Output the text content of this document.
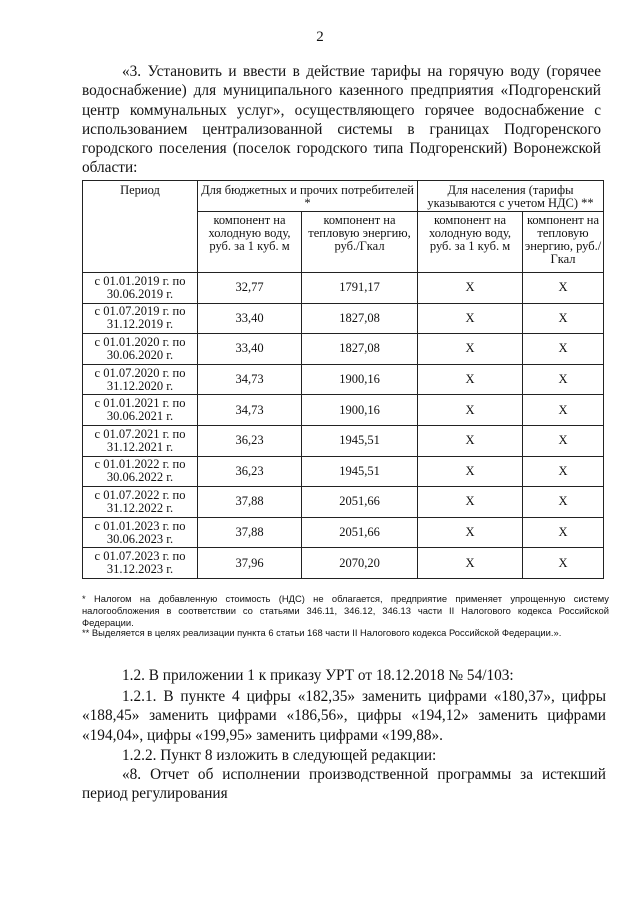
2
«3. Установить и ввести в действие тарифы на горячую воду (горячее водоснабжение) для муниципального казенного предприятия «Подгоренский центр коммунальных услуг», осуществляющего горячее водоснабжение с использованием централизованной системы в границах Подгоренского городского поселения (поселок городского типа Подгоренский) Воронежской области:
Период	Для бюджетных и прочих потребителей *		Для населения (тарифы указываются с учетом НДС) **	
	компонент на холодную воду, руб. за 1 куб. м	компонент на тепловую энергию, руб./Гкал	компонент на холодную воду, руб. за 1 куб. м	компонент на тепловую энергию, руб./Гкал
с 01.01.2019 г. по 30.06.2019 г.	32,77	1791,17	Х	Х
с 01.07.2019 г. по 31.12.2019 г.	33,40	1827,08	Х	Х
с 01.01.2020 г. по 30.06.2020 г.	33,40	1827,08	Х	Х
с 01.07.2020 г. по 31.12.2020 г.	34,73	1900,16	Х	Х
с 01.01.2021 г. по 30.06.2021 г.	34,73	1900,16	Х	Х
с 01.07.2021 г. по 31.12.2021 г.	36,23	1945,51	Х	Х
с 01.01.2022 г. по 30.06.2022 г.	36,23	1945,51	Х	Х
с 01.07.2022 г. по 31.12.2022 г.	37,88	2051,66	Х	Х
с 01.01.2023 г. по 30.06.2023 г.	37,88	2051,66	Х	Х
с 01.07.2023 г. по 31.12.2023 г.	37,96	2070,20	Х	Х
* Налогом на добавленную стоимость (НДС) не облагается, предприятие применяет упрощенную систему налогообложения в соответствии со статьями 346.11, 346.12, 346.13 части II Налогового кодекса Российской Федерации.
** Выделяется в целях реализации пункта 6 статьи 168 части II Налогового кодекса Российской Федерации.».
1.2. В приложении 1 к приказу УРТ от 18.12.2018 № 54/103:
1.2.1. В пункте 4 цифры «182,35» заменить цифрами «180,37», цифры «188,45» заменить цифрами «186,56», цифры «194,12» заменить цифрами «194,04», цифры «199,95» заменить цифрами «199,88».
1.2.2. Пункт 8 изложить в следующей редакции:
«8. Отчет об исполнении производственной программы за истекший период регулирования
